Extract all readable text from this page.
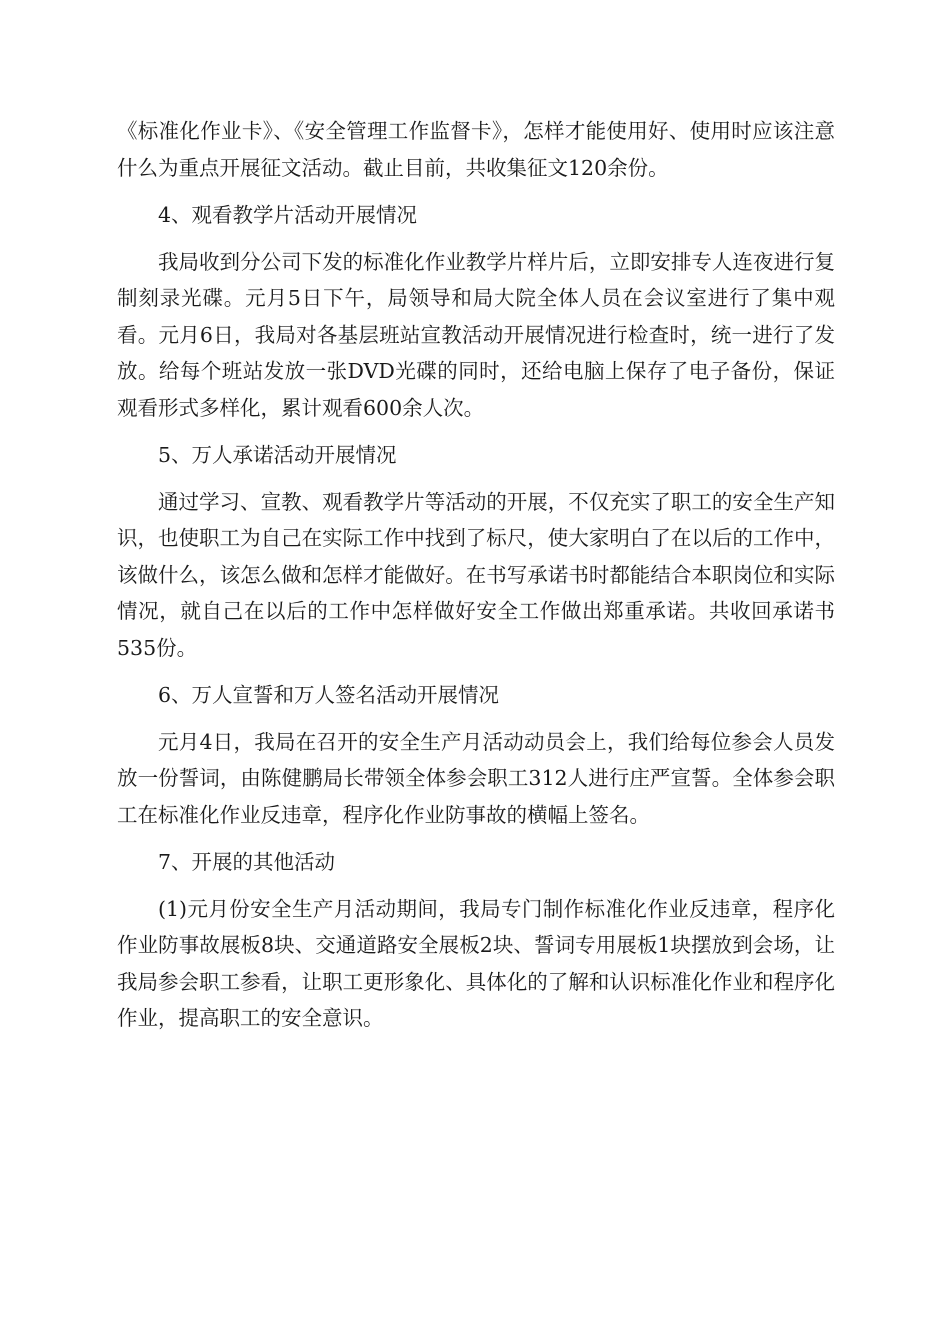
《标准化作业卡》、《安全管理工作监督卡》，怎样才能使用好、使用时应该注意什么为重点开展征文活动。截止目前，共收集征文120余份。

4、观看教学片活动开展情况

我局收到分公司下发的标准化作业教学片样片后，立即安排专人连夜进行复制刻录光碟。元月5日下午，局领导和局大院全体人员在会议室进行了集中观看。元月6日，我局对各基层班站宣教活动开展情况进行检查时，统一进行了发放。给每个班站发放一张DVD光碟的同时，还给电脑上保存了电子备份，保证观看形式多样化，累计观看600余人次。

5、万人承诺活动开展情况

通过学习、宣教、观看教学片等活动的开展，不仅充实了职工的安全生产知识，也使职工为自己在实际工作中找到了标尺，使大家明白了在以后的工作中，该做什么，该怎么做和怎样才能做好。在书写承诺书时都能结合本职岗位和实际情况，就自己在以后的工作中怎样做好安全工作做出郑重承诺。共收回承诺书535份。

6、万人宣誓和万人签名活动开展情况

元月4日，我局在召开的安全生产月活动动员会上，我们给每位参会人员发放一份誓词，由陈健鹏局长带领全体参会职工312人进行庄严宣誓。全体参会职工在标准化作业反违章，程序化作业防事故的横幅上签名。

7、开展的其他活动

(1)元月份安全生产月活动期间，我局专门制作标准化作业反违章，程序化作业防事故展板8块、交通道路安全展板2块、誓词专用展板1块摆放到会场，让我局参会职工参看，让职工更形象化、具体化的了解和认识标准化作业和程序化作业，提高职工的安全意识。
